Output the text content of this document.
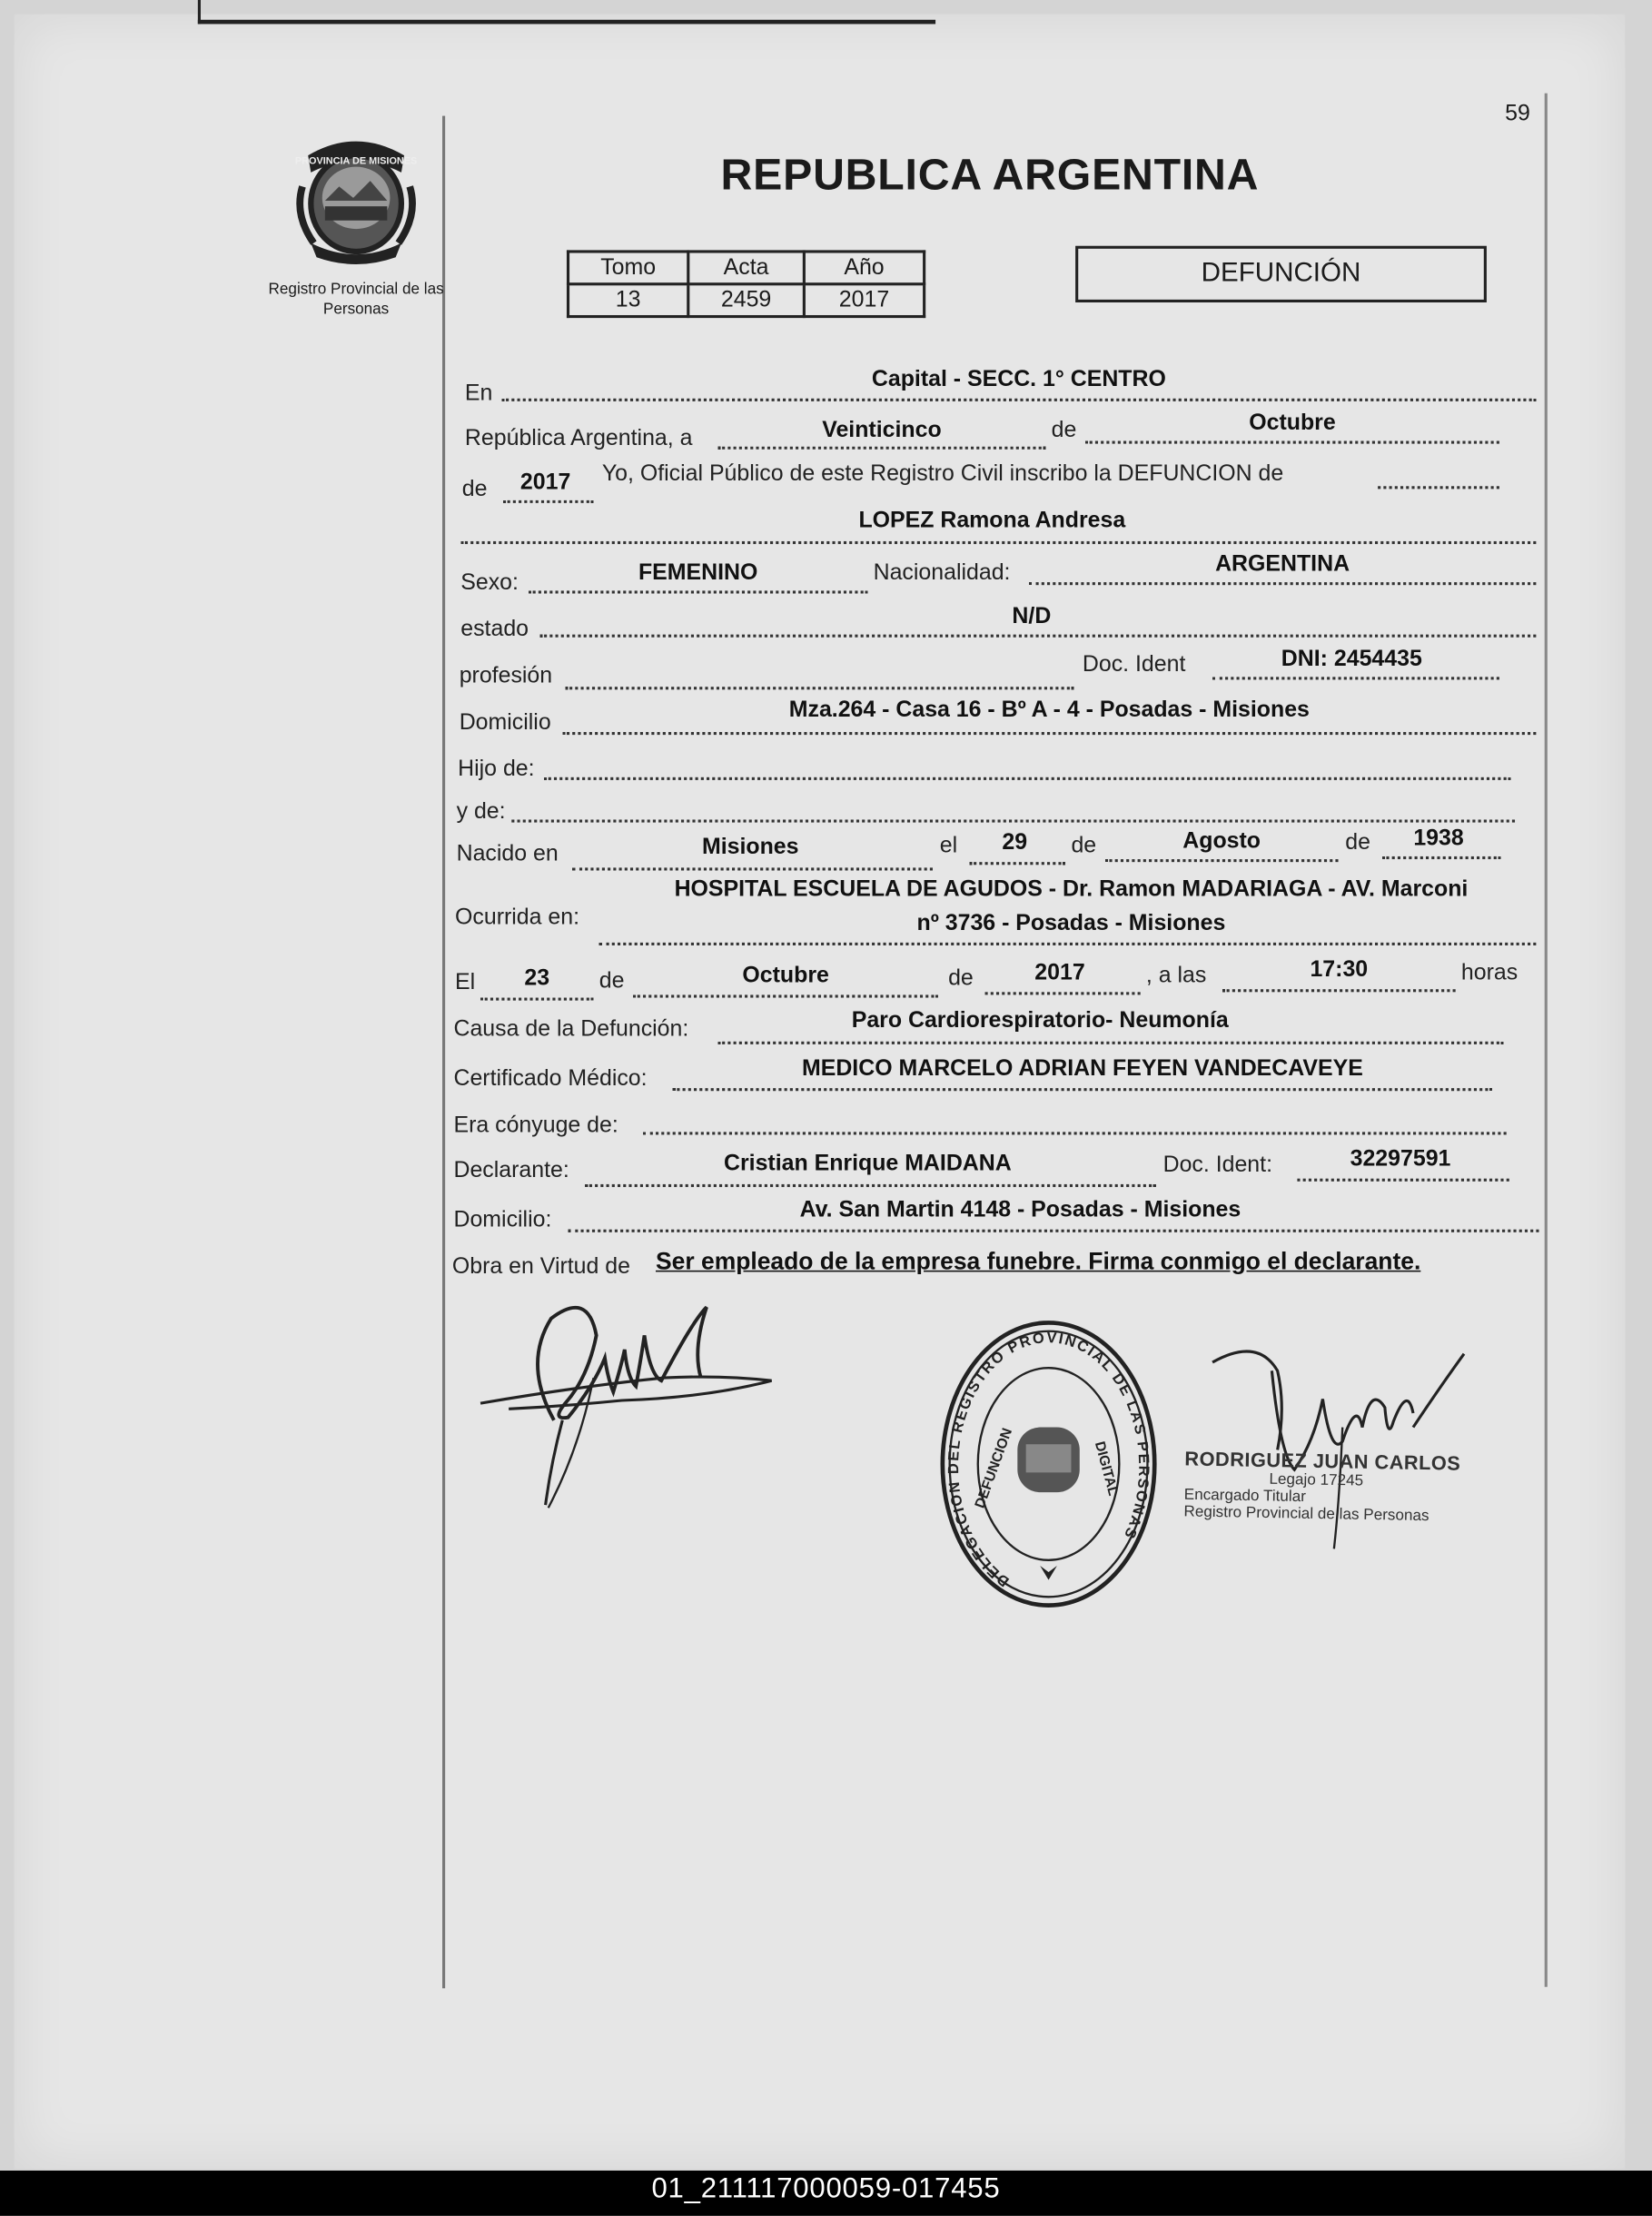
59
PROVINCIA DE MISIONES
Registro Provincial de las Personas
REPUBLICA ARGENTINA
Tomo	Acta	Año
13	2459	2017
DEFUNCIÓN
En
Capital - SECC. 1° CENTRO
República Argentina, a	Veinticinco	de	Octubre
de	2017	Yo, Oficial Público de este Registro Civil inscribo la DEFUNCION de
LOPEZ Ramona Andresa
Sexo:	FEMENINO	Nacionalidad:	ARGENTINA
estado
N/D
profesión	Doc. Ident	DNI: 2454435
Domicilio
Mza.264 - Casa 16 - Bº A - 4 - Posadas - Misiones
Hijo de:
y de:
Nacido en	Misiones	el	29	de	Agosto	de	1938
Ocurrida en:
HOSPITAL ESCUELA DE AGUDOS - Dr. Ramon MADARIAGA - AV. Marconi
nº 3736 - Posadas - Misiones
El	23	de	Octubre	de	2017	, a las	17:30	horas
Causa de la Defunción:	Paro Cardiorespiratorio- Neumonía
Certificado Médico:	MEDICO MARCELO ADRIAN FEYEN VANDECAVEYE
Era cónyuge de:
Declarante:	Cristian Enrique MAIDANA	Doc. Ident:	32297591
Domicilio:	Av. San Martin 4148 - Posadas - Misiones
Obra en Virtud de Ser empleado de la empresa funebre. Firma conmigo el declarante.
DELEGACION DEL REGISTRO PROVINCIAL DE LAS PERSONAS
DEFUNCION	DIGITAL	RODRIGUEZ JUAN CARLOS
Legajo 17245
Encargado Titular
Registro Provincial de las Personas
01_211117000059-017455
